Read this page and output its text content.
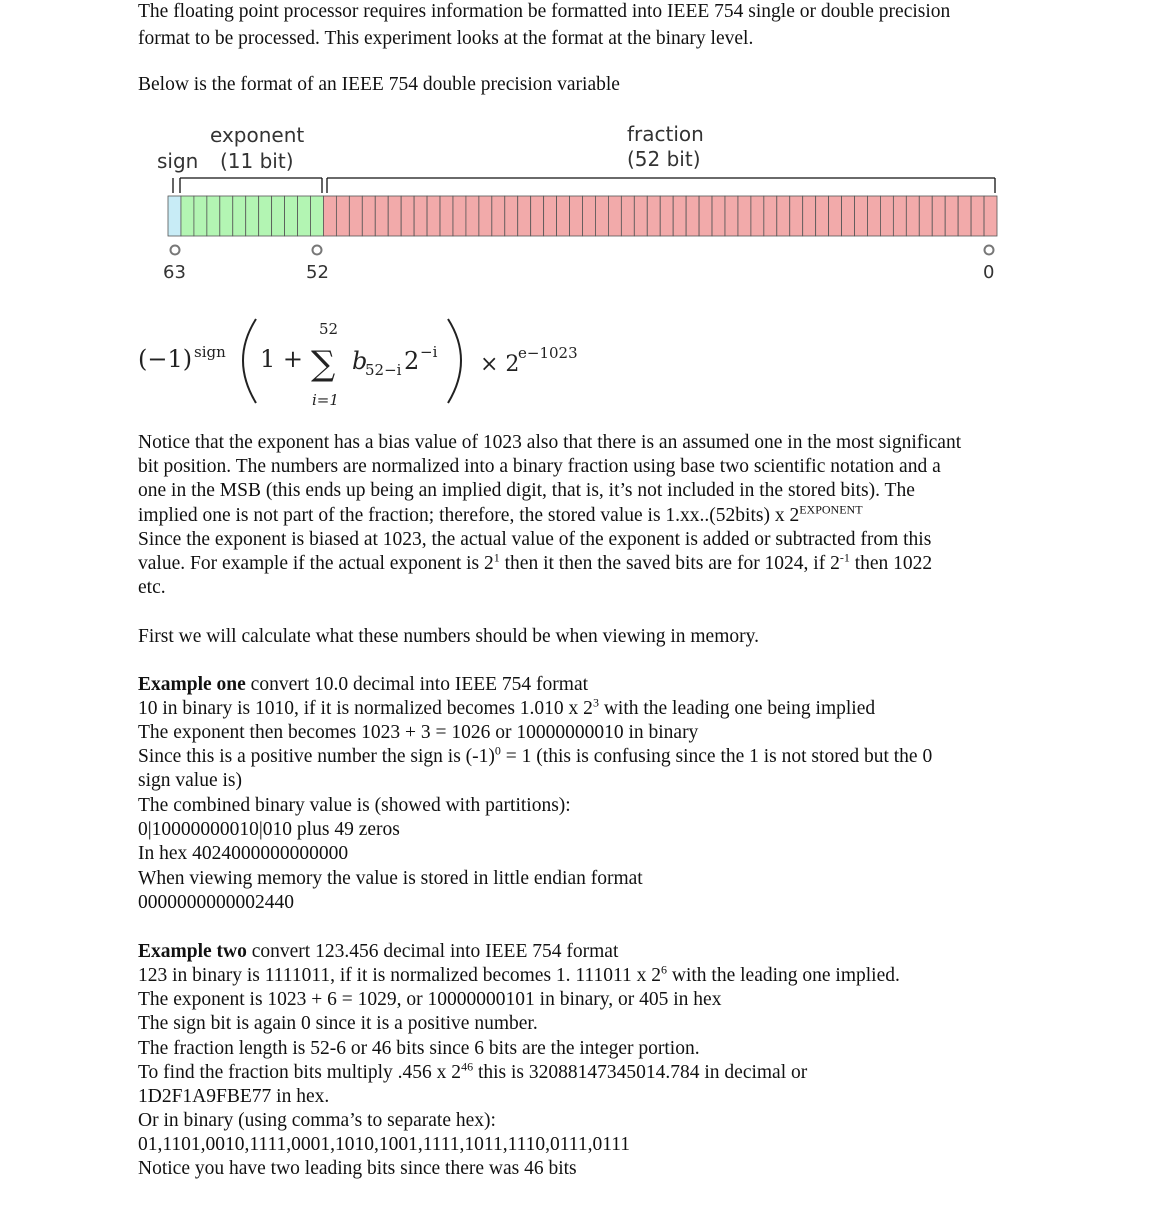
The floating point processor requires information be formatted into IEEE 754 single or double precision
format to be processed. This experiment looks at the format at the binary level.
Below is the format of an IEEE 754 double precision variable
exponent
sign (11 bit)
fraction
(52 bit)
63	52	0
(−1) sign 1 +
52
∑
i=1
b
52−i 2 −i × 2
e−1023
Notice that the exponent has a bias value of 1023 also that there is an assumed one in the most significant
bit position. The numbers are normalized into a binary fraction using base two scientific notation and a
one in the MSB (this ends up being an implied digit, that is, it’s not included in the stored bits). The
implied one is not part of the fraction; therefore, the stored value is 1.xx..(52bits) x $2^{EXPONENT}$
Since the exponent is biased at 1023, the actual value of the exponent is added or subtracted from this
value. For example if the actual exponent is $2^1$ then it then the saved bits are for 1024, if $2^{-1}$ then 1022
etc.
First we will calculate what these numbers should be when viewing in memory.
Example one convert 10.0 decimal into IEEE 754 format
10 in binary is 1010, if it is normalized becomes 1.010 x $2^3$ with the leading one being implied
The exponent then becomes 1023 + 3 = 1026 or 10000000010 in binary
Since this is a positive number the sign is $(-1)^0 = 1$ (this is confusing since the 1 is not stored but the 0
sign value is)
The combined binary value is (showed with partitions):
0|10000000010|010 plus 49 zeros
In hex 4024000000000000
When viewing memory the value is stored in little endian format
0000000000002440
Example two convert 123.456 decimal into IEEE 754 format
123 in binary is 1111011, if it is normalized becomes 1. 111011 x $2^6$ with the leading one implied.
The exponent is 1023 + 6 = 1029, or 10000000101 in binary, or 405 in hex
The sign bit is again 0 since it is a positive number.
The fraction length is 52-6 or 46 bits since 6 bits are the integer portion.
To find the fraction bits multiply .456 x $2^{46}$ this is 32088147345014.784 in decimal or
1D2F1A9FBE77 in hex.
Or in binary (using comma’s to separate hex):
01,1101,0010,1111,0001,1010,1001,1111,1011,1110,0111,0111
Notice you have two leading bits since there was 46 bits
